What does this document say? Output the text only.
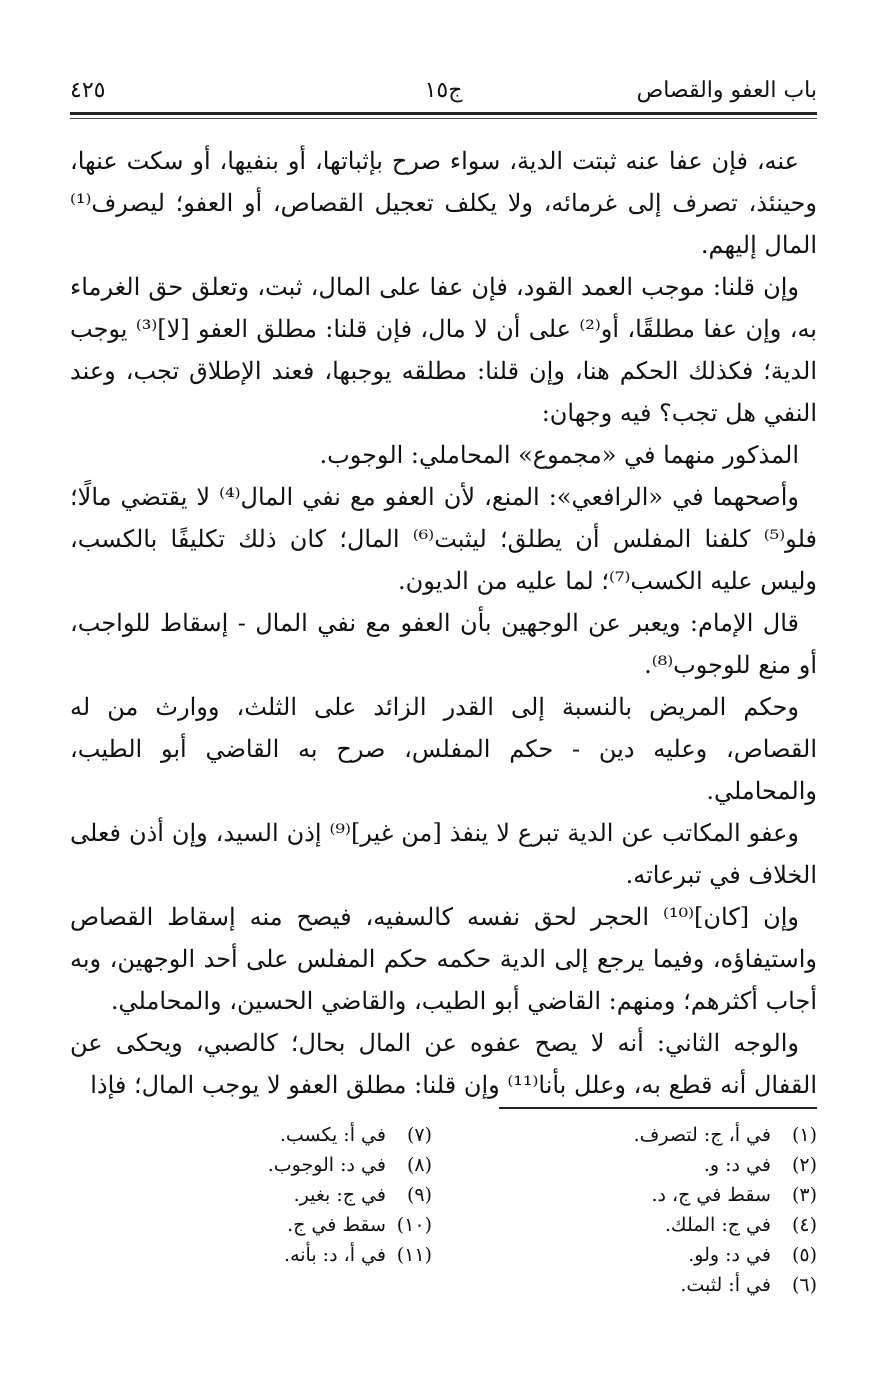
باب العفو والقصاص
ج١٥
٤٢٥

عنه، فإن عفا عنه ثبتت الدية، سواء صرح بإثباتها، أو بنفيها، أو سكت عنها، وحينئذ، تصرف إلى غرمائه، ولا يكلف تعجيل القصاص، أو العفو؛ ليصرف⁽¹⁾ المال إليهم.

وإن قلنا: موجب العمد القود، فإن عفا على المال، ثبت، وتعلق حق الغرماء به، وإن عفا مطلقًا، أو⁽²⁾ على أن لا مال، فإن قلنا: مطلق العفو [لا]⁽³⁾ يوجب الدية؛ فكذلك الحكم هنا، وإن قلنا: مطلقه يوجبها، فعند الإطلاق تجب، وعند النفي هل تجب؟ فيه وجهان:

المذكور منهما في «مجموع» المحاملي: الوجوب.

وأصحهما في «الرافعي»: المنع، لأن العفو مع نفي المال⁽⁴⁾ لا يقتضي مالًا؛ فلو⁽⁵⁾ كلفنا المفلس أن يطلق؛ ليثبت⁽⁶⁾ المال؛ كان ذلك تكليفًا بالكسب، وليس عليه الكسب⁽⁷⁾؛ لما عليه من الديون.

قال الإمام: ويعبر عن الوجهين بأن العفو مع نفي المال - إسقاط للواجب، أو منع للوجوب⁽⁸⁾.

وحكم المريض بالنسبة إلى القدر الزائد على الثلث، ووارث من له القصاص، وعليه دين - حكم المفلس، صرح به القاضي أبو الطيب، والمحاملي.

وعفو المكاتب عن الدية تبرع لا ينفذ [من غير]⁽⁹⁾ إذن السيد، وإن أذن فعلى الخلاف في تبرعاته.

وإن [كان]⁽¹⁰⁾ الحجر لحق نفسه كالسفيه، فيصح منه إسقاط القصاص واستيفاؤه، وفيما يرجع إلى الدية حكمه حكم المفلس على أحد الوجهين، وبه أجاب أكثرهم؛ ومنهم: القاضي أبو الطيب، والقاضي الحسين، والمحاملي.

والوجه الثاني: أنه لا يصح عفوه عن المال بحال؛ كالصبي، ويحكى عن القفال أنه قطع به، وعلل بأنا⁽¹¹⁾ وإن قلنا: مطلق العفو لا يوجب المال؛ فإذا

(١) في أ، ج: لتصرف.
(٢) في د: و.
(٣) سقط في ج، د.
(٤) في ج: الملك.
(٥) في د: ولو.
(٦) في أ: لثبت.
(٧) في أ: يكسب.
(٨) في د: الوجوب.
(٩) في ج: بغير.
(١٠) سقط في ج.
(١١) في أ، د: بأنه.
